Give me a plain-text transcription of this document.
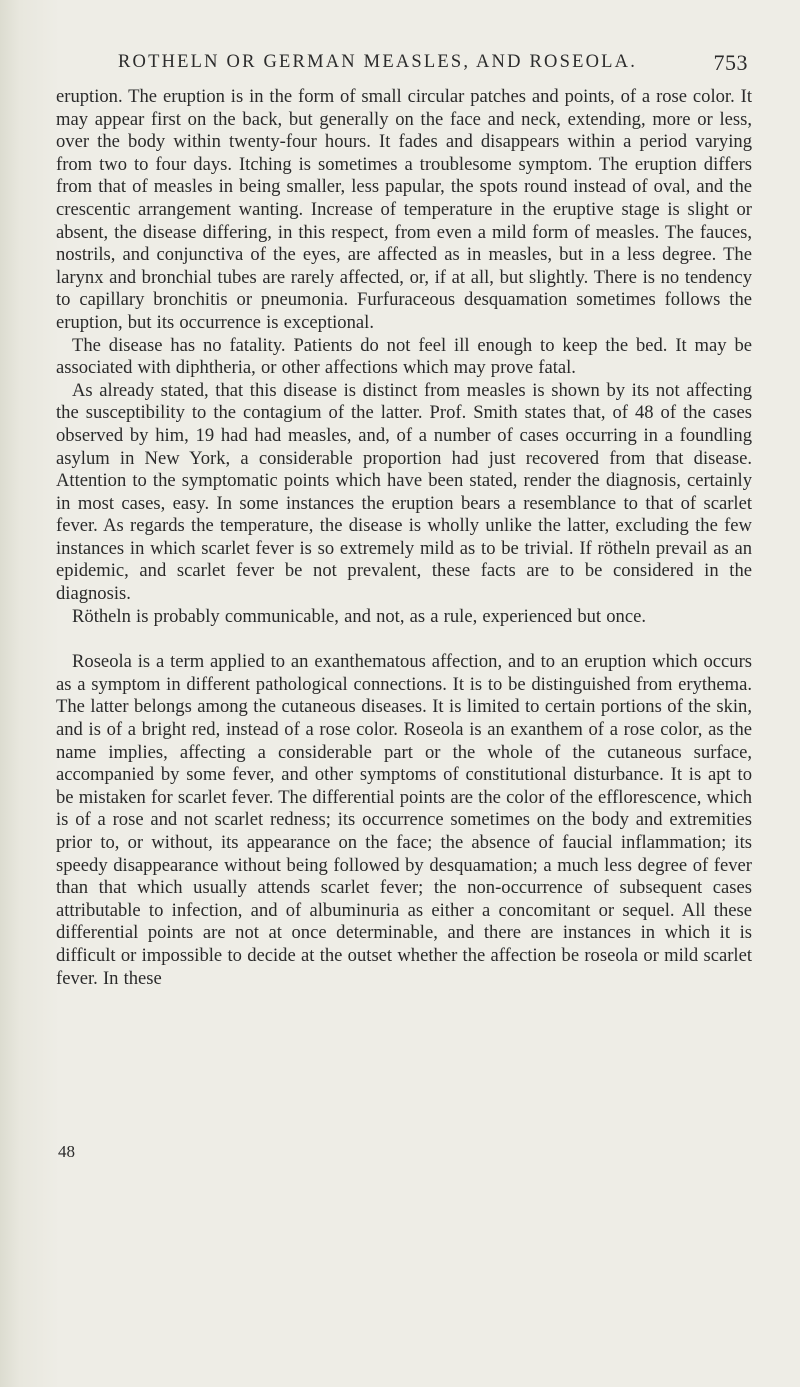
ROTHELN OR GERMAN MEASLES, AND ROSEOLA.	753

eruption. The eruption is in the form of small circular patches and points, of a rose color. It may appear first on the back, but generally on the face and neck, extending, more or less, over the body within twenty-four hours. It fades and disappears within a period varying from two to four days. Itching is sometimes a troublesome symptom. The eruption differs from that of measles in being smaller, less papular, the spots round instead of oval, and the crescentic arrangement wanting. Increase of temperature in the eruptive stage is slight or absent, the disease differing, in this respect, from even a mild form of measles. The fauces, nostrils, and conjunctiva of the eyes, are affected as in measles, but in a less degree. The larynx and bronchial tubes are rarely affected, or, if at all, but slightly. There is no tendency to capillary bronchitis or pneumonia. Furfuraceous desquamation sometimes follows the eruption, but its occurrence is exceptional.

The disease has no fatality. Patients do not feel ill enough to keep the bed. It may be associated with diphtheria, or other affections which may prove fatal.

As already stated, that this disease is distinct from measles is shown by its not affecting the susceptibility to the contagium of the latter. Prof. Smith states that, of 48 of the cases observed by him, 19 had had measles, and, of a number of cases occurring in a foundling asylum in New York, a considerable proportion had just recovered from that disease. Attention to the symptomatic points which have been stated, render the diagnosis, certainly in most cases, easy. In some instances the eruption bears a resemblance to that of scarlet fever. As regards the temperature, the disease is wholly unlike the latter, excluding the few instances in which scarlet fever is so extremely mild as to be trivial. If rötheln prevail as an epidemic, and scarlet fever be not prevalent, these facts are to be considered in the diagnosis.

Rötheln is probably communicable, and not, as a rule, experienced but once.

Roseola is a term applied to an exanthematous affection, and to an eruption which occurs as a symptom in different pathological connections. It is to be distinguished from erythema. The latter belongs among the cutaneous diseases. It is limited to certain portions of the skin, and is of a bright red, instead of a rose color. Roseola is an exanthem of a rose color, as the name implies, affecting a considerable part or the whole of the cutaneous surface, accompanied by some fever, and other symptoms of constitutional disturbance. It is apt to be mistaken for scarlet fever. The differential points are the color of the efflorescence, which is of a rose and not scarlet redness; its occurrence sometimes on the body and extremities prior to, or without, its appearance on the face; the absence of faucial inflammation; its speedy disappearance without being followed by desquamation; a much less degree of fever than that which usually attends scarlet fever; the non-occurrence of subsequent cases attributable to infection, and of albuminuria as either a concomitant or sequel. All these differential points are not at once determinable, and there are instances in which it is difficult or impossible to decide at the outset whether the affection be roseola or mild scarlet fever. In these

48
